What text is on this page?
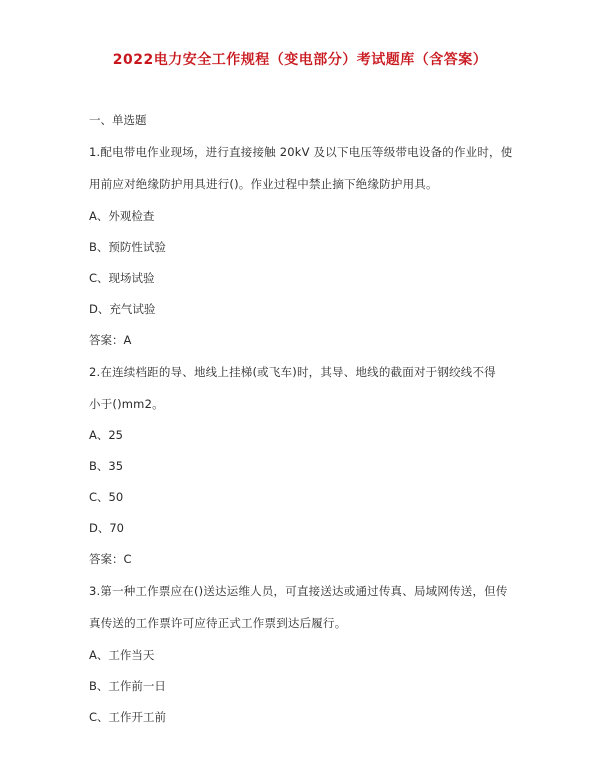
2022电力安全工作规程（变电部分）考试题库（含答案）
一、单选题
1.配电带电作业现场，进行直接接触 20kV 及以下电压等级带电设备的作业时，使
用前应对绝缘防护用具进行()。作业过程中禁止摘下绝缘防护用具。
A、外观检查
B、预防性试验
C、现场试验
D、充气试验
答案：A
2.在连续档距的导、地线上挂梯(或飞车)时，其导、地线的截面对于钢绞线不得
小于()mm2。
A、25
B、35
C、50
D、70
答案：C
3.第一种工作票应在()送达运维人员，可直接送达或通过传真、局域网传送，但传
真传送的工作票许可应待正式工作票到达后履行。
A、工作当天
B、工作前一日
C、工作开工前
